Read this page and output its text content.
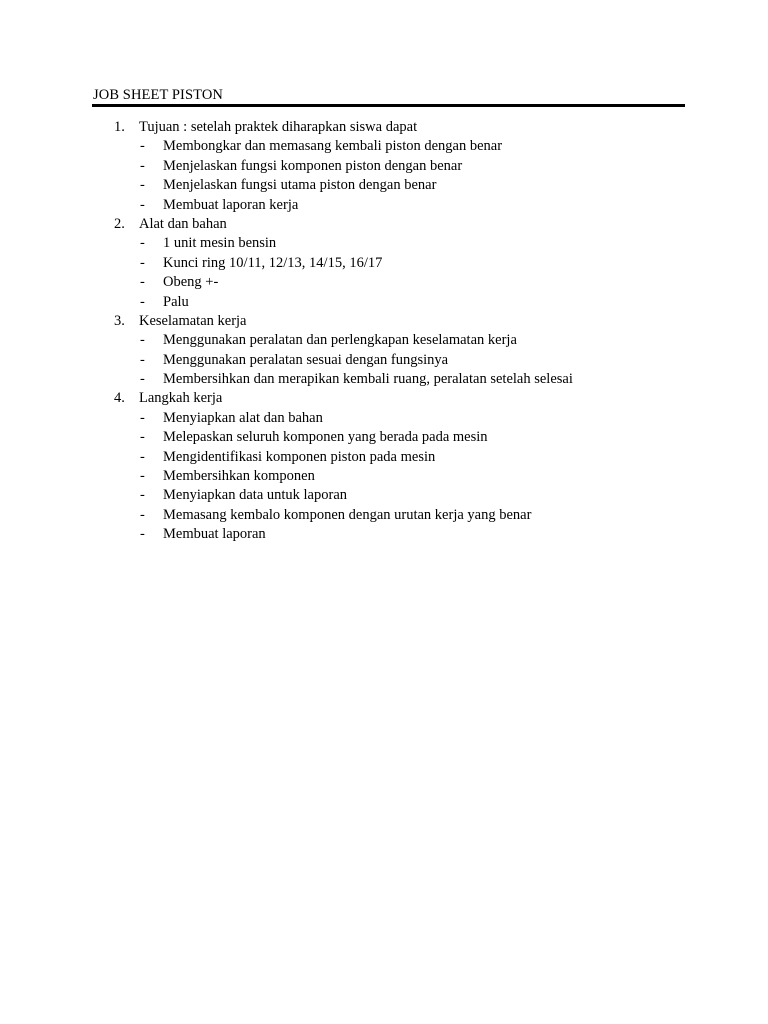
JOB SHEET PISTON
1. Tujuan : setelah praktek diharapkan siswa dapat
- Membongkar dan memasang kembali piston dengan benar
- Menjelaskan fungsi komponen piston dengan benar
- Menjelaskan fungsi utama piston dengan benar
- Membuat laporan kerja
2. Alat dan bahan
- 1 unit mesin bensin
- Kunci ring 10/11, 12/13, 14/15, 16/17
- Obeng +-
- Palu
3. Keselamatan kerja
- Menggunakan peralatan dan perlengkapan keselamatan kerja
- Menggunakan peralatan sesuai dengan fungsinya
- Membersihkan dan merapikan kembali ruang, peralatan setelah selesai
4. Langkah kerja
- Menyiapkan alat dan bahan
- Melepaskan seluruh komponen yang berada pada mesin
- Mengidentifikasi komponen piston pada mesin
- Membersihkan komponen
- Menyiapkan data untuk laporan
- Memasang kembalo komponen dengan urutan kerja yang benar
- Membuat laporan
